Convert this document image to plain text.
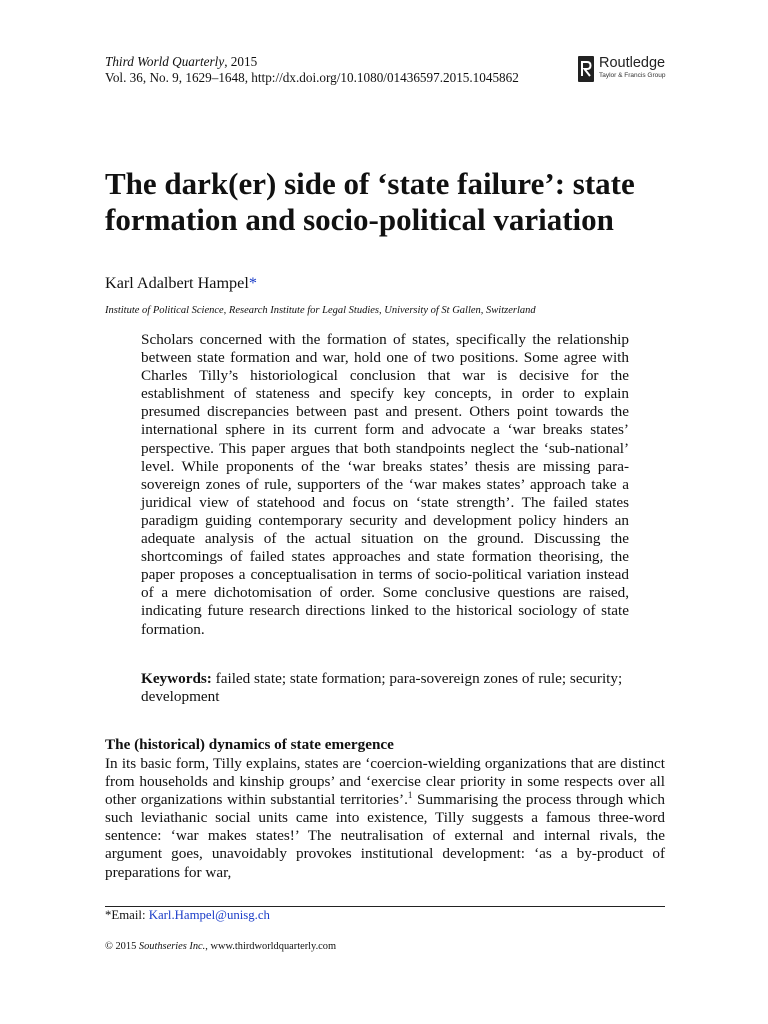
Third World Quarterly, 2015
Vol. 36, No. 9, 1629–1648, http://dx.doi.org/10.1080/01436597.2015.1045862
Routledge
Taylor & Francis Group
The dark(er) side of ‘state failure’: state formation and socio-political variation
Karl Adalbert Hampel*
Institute of Political Science, Research Institute for Legal Studies, University of St Gallen, Switzerland

Scholars concerned with the formation of states, specifically the relationship between state formation and war, hold one of two positions. Some agree with Charles Tilly’s historiological conclusion that war is decisive for the establishment of stateness and specify key concepts, in order to explain presumed discrepancies between past and present. Others point towards the international sphere in its current form and advocate a ‘war breaks states’ perspective. This paper argues that both standpoints neglect the ‘sub-national’ level. While proponents of the ‘war breaks states’ thesis are missing para-sovereign zones of rule, supporters of the ‘war makes states’ approach take a juridical view of statehood and focus on ‘state strength’. The failed states paradigm guiding contemporary security and development policy hinders an adequate analysis of the actual situation on the ground. Discussing the shortcomings of failed states approaches and state formation theorising, the paper proposes a conceptualisation in terms of socio-political variation instead of a mere dichotomisation of order. Some conclusive questions are raised, indicating future research directions linked to the historical sociology of state formation.

Keywords: failed state; state formation; para-sovereign zones of rule; security; development

The (historical) dynamics of state emergence

In its basic form, Tilly explains, states are ‘coercion-wielding organizations that are distinct from households and kinship groups’ and ‘exercise clear priority in some respects over all other organizations within substantial territories’.$^1$ Summarising the process through which such leviathanic social units came into existence, Tilly suggests a famous three-word sentence: ‘war makes states!’ The neutralisation of external and internal rivals, the argument goes, unavoidably provokes institutional development: ‘as a by-product of preparations for war,

*Email: Karl.Hampel@unisg.ch
© 2015 Southseries Inc., www.thirdworldquarterly.com
